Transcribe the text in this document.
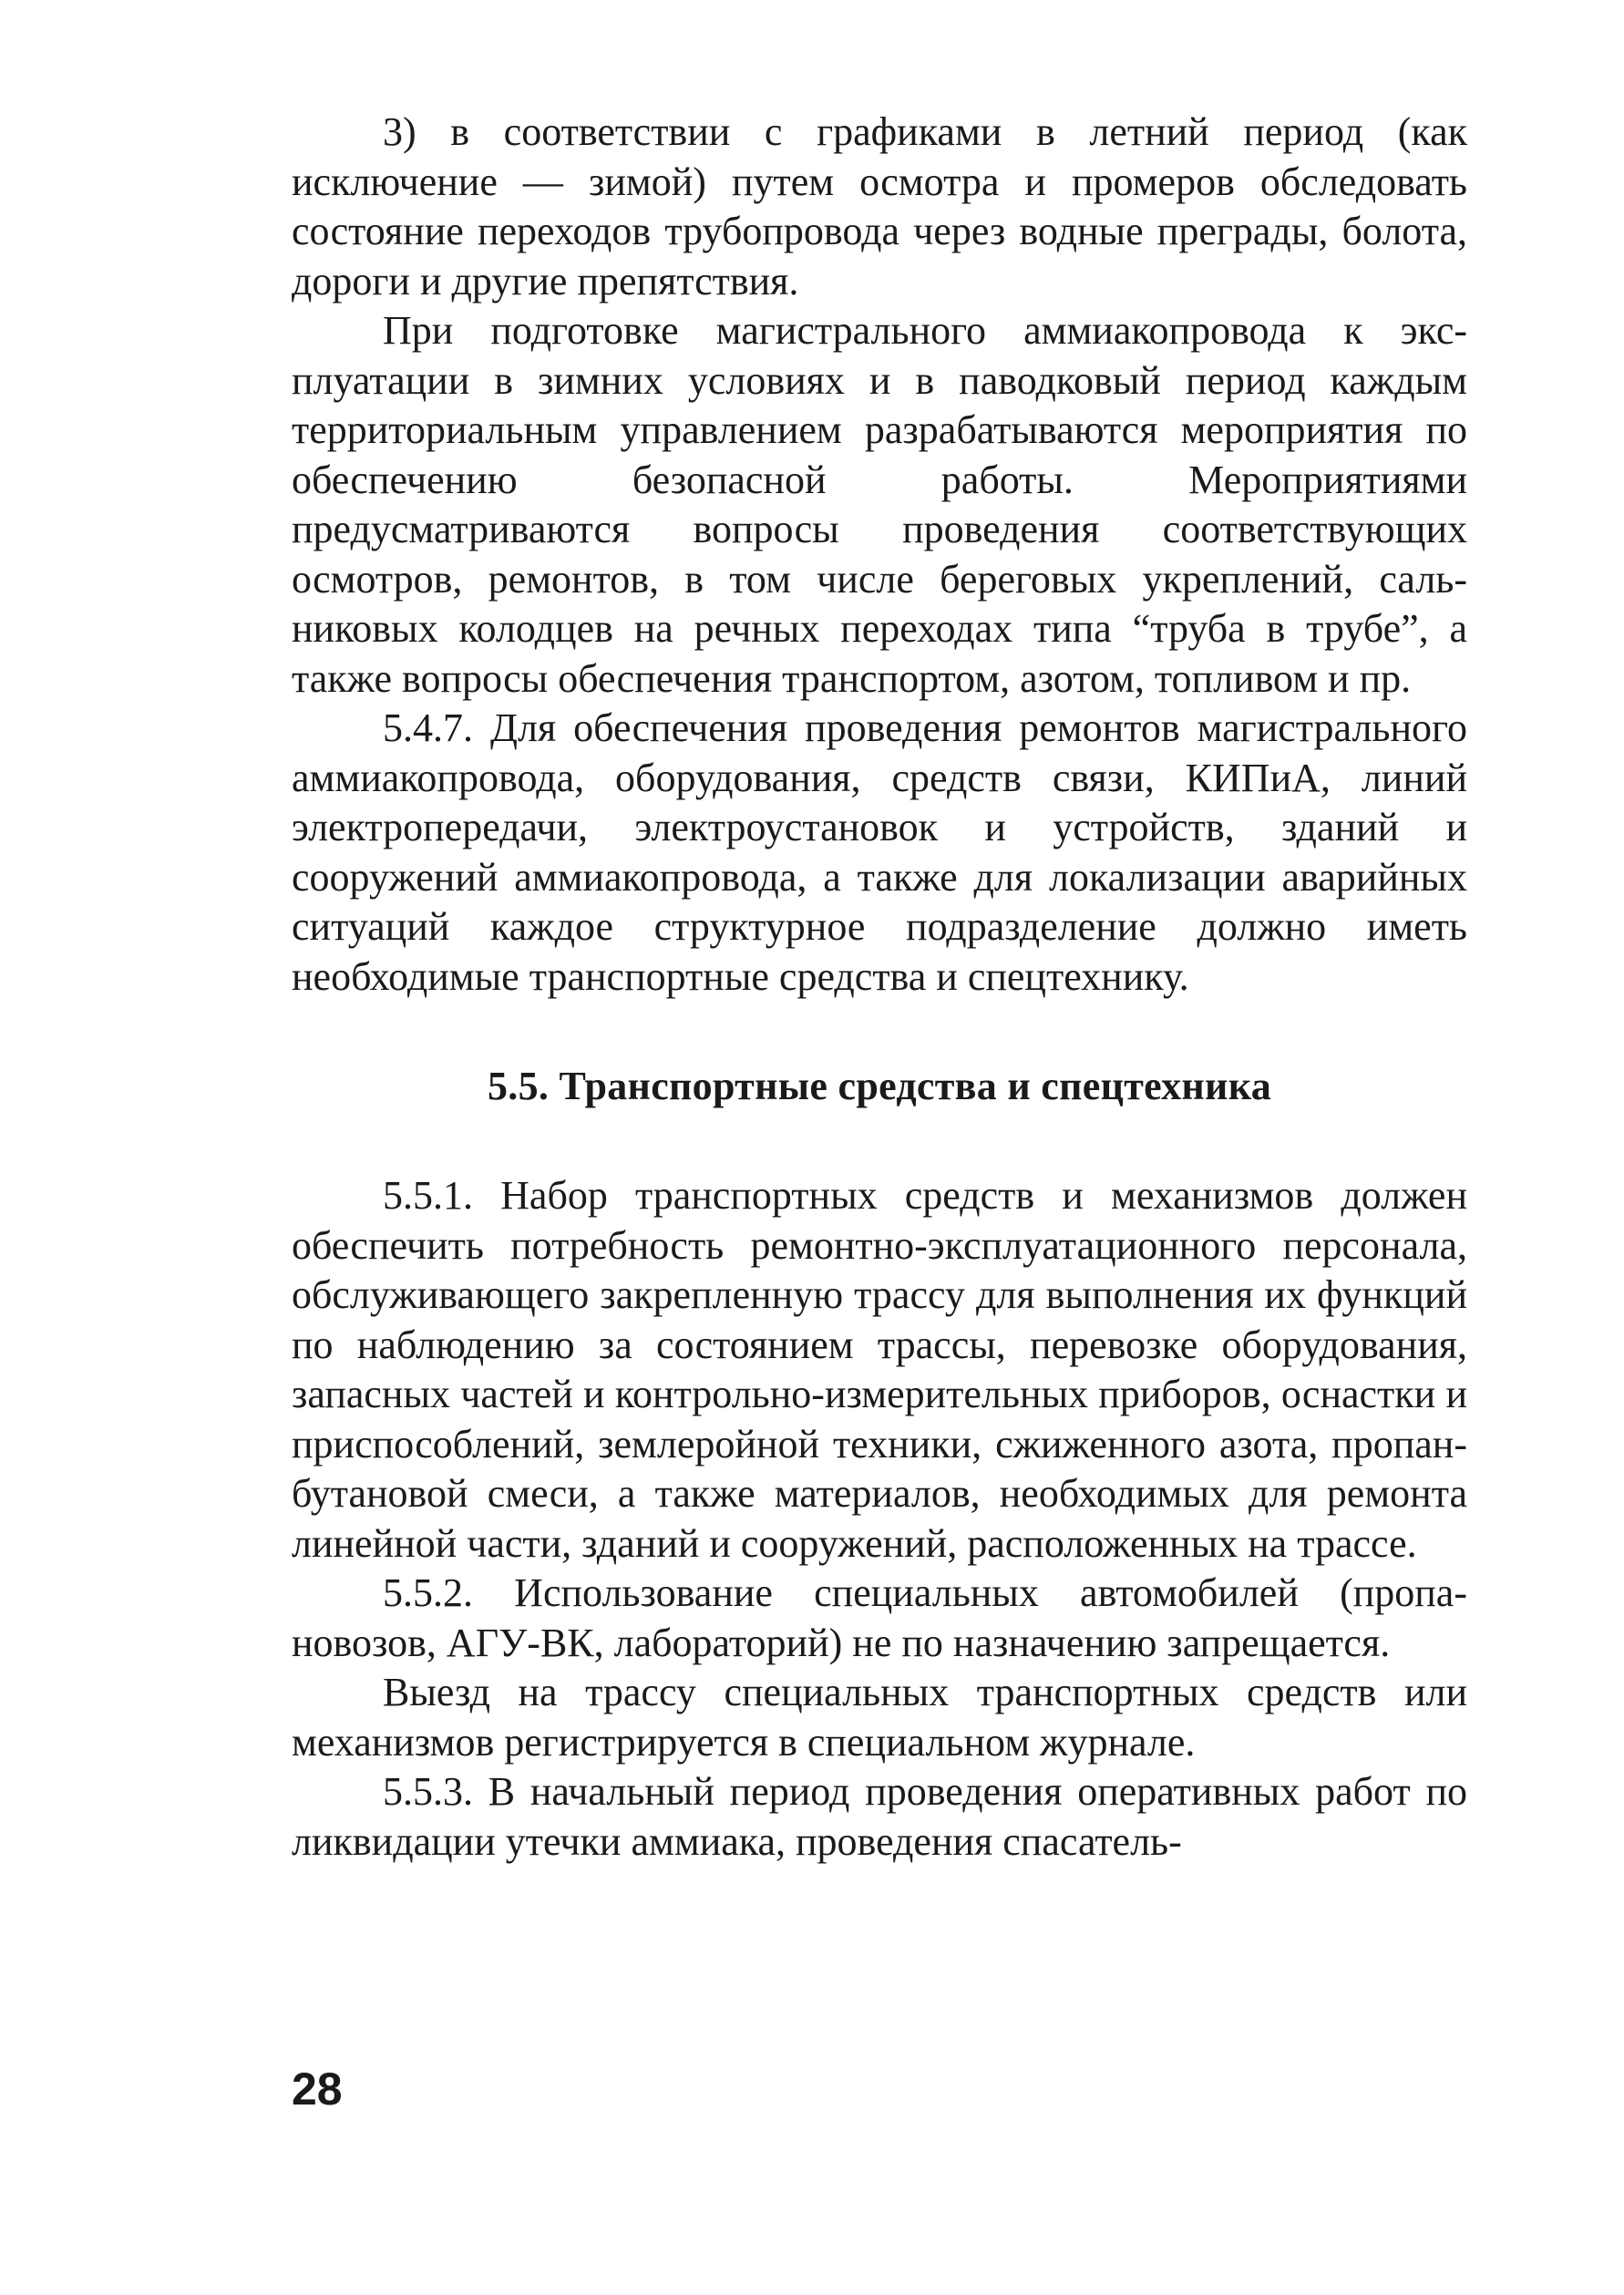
3) в соответствии с графиками в летний период (как исключение — зимой) путем осмотра и промеров обследовать состояние переходов трубопровода через водные преграды, болота, дороги и другие препятствия.

При подготовке магистрального аммиакопровода к эксплуатации в зимних условиях и в паводковый период каждым территориальным управлением разрабатываются мероприятия по обеспечению безопасной работы. Мероприятиями предусматриваются вопросы проведения соответствующих осмотров, ремонтов, в том числе береговых укреплений, сальниковых колодцев на речных переходах типа “труба в трубе”, а также вопросы обеспечения транспортом, азотом, топливом и пр.

5.4.7. Для обеспечения проведения ремонтов магистрального аммиакопровода, оборудования, средств связи, КИПиА, линий электропередачи, электроустановок и устройств, зданий и сооружений аммиакопровода, а также для локализации аварийных ситуаций каждое структурное подразделение должно иметь необходимые транспортные средства и спецтехнику.

5.5. Транспортные средства и спецтехника

5.5.1. Набор транспортных средств и механизмов должен обеспечить потребность ремонтно-эксплуатационного персонала, обслуживающего закрепленную трассу для выполнения их функций по наблюдению за состоянием трассы, перевозке оборудования, запасных частей и контрольно-измерительных приборов, оснастки и приспособлений, землеройной техники, сжиженного азота, пропан-бутановой смеси, а также материалов, необходимых для ремонта линейной части, зданий и сооружений, расположенных на трассе.

5.5.2. Использование специальных автомобилей (пропановозов, АГУ-ВК, лабораторий) не по назначению запрещается.

Выезд на трассу специальных транспортных средств или механизмов регистрируется в специальном журнале.

5.5.3. В начальный период проведения оперативных работ по ликвидации утечки аммиака, проведения спасатель-

28
